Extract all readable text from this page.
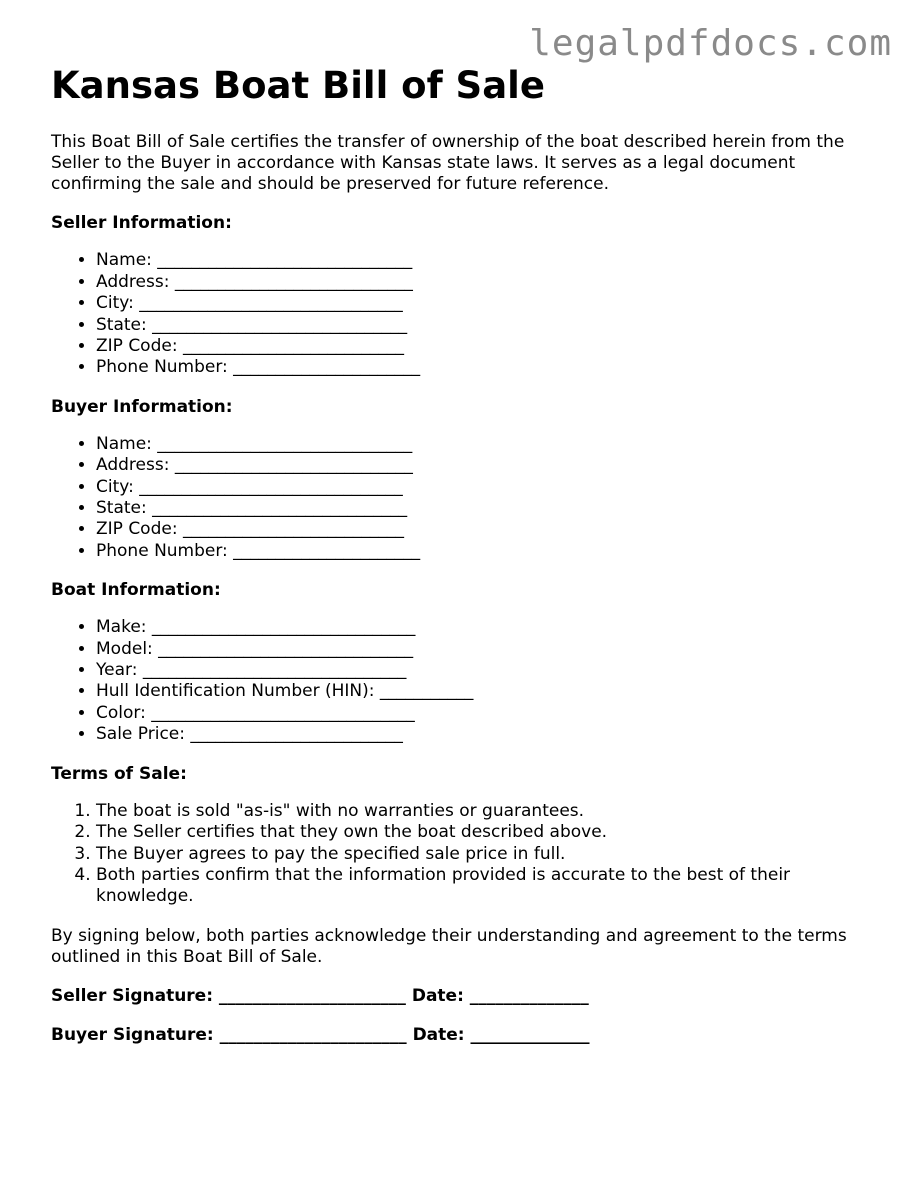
legalpdfdocs.com
Kansas Boat Bill of Sale

This Boat Bill of Sale certifies the transfer of ownership of the boat described herein from the Seller to the Buyer in accordance with Kansas state laws. It serves as a legal document confirming the sale and should be preserved for future reference.

Seller Information:
• Name: ______________________________
• Address: ____________________________
• City: _______________________________
• State: ______________________________
• ZIP Code: __________________________
• Phone Number: ______________________
Buyer Information:
• Name: ______________________________
• Address: ____________________________
• City: _______________________________
• State: ______________________________
• ZIP Code: __________________________
• Phone Number: ______________________
Boat Information:
• Make: _______________________________
• Model: ______________________________
• Year: _______________________________
• Hull Identification Number (HIN): ___________
• Color: _______________________________
• Sale Price: _________________________
Terms of Sale:
1. The boat is sold "as-is" with no warranties or guarantees.
2. The Seller certifies that they own the boat described above.
3. The Buyer agrees to pay the specified sale price in full.
4. Both parties confirm that the information provided is accurate to the best of their knowledge.

By signing below, both parties acknowledge their understanding and agreement to the terms outlined in this Boat Bill of Sale.

Seller Signature: ______________________ Date: ______________

Buyer Signature: ______________________ Date: ______________
